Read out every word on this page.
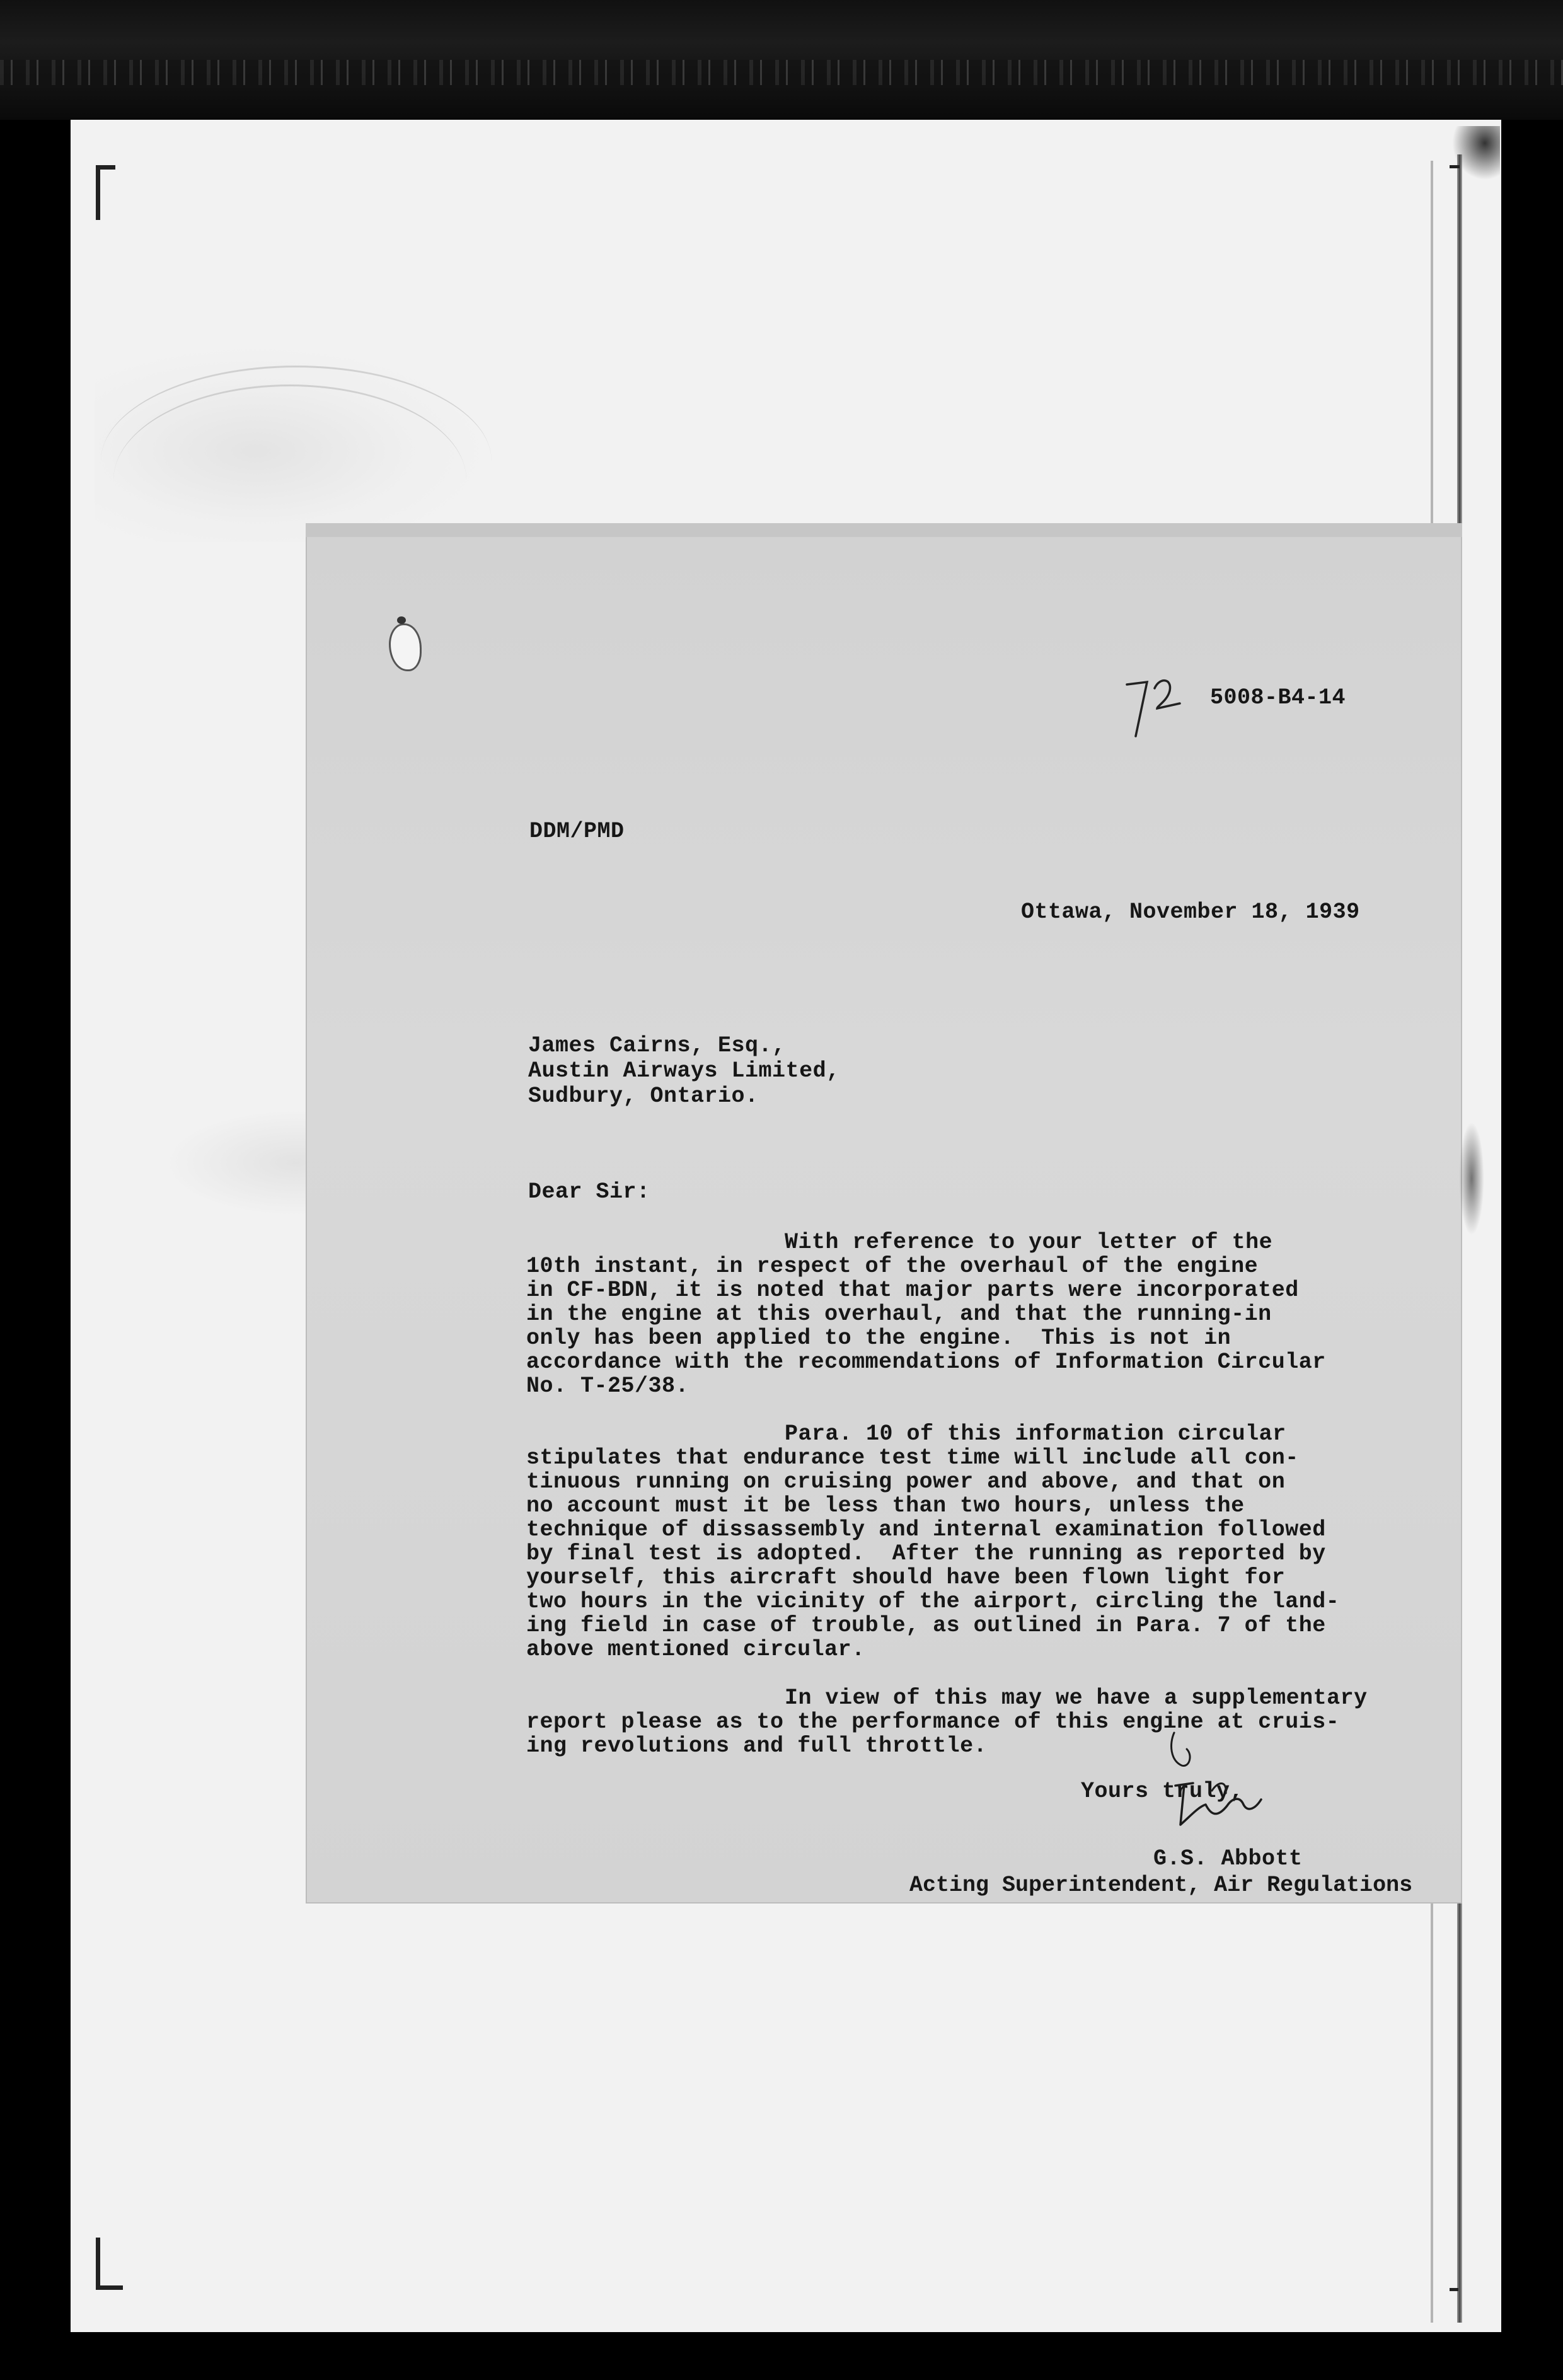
5008-B4-14
DDM/PMD
Ottawa, November 18, 1939
James Cairns, Esq.,
Austin Airways Limited,
Sudbury, Ontario.
Dear Sir:
With reference to your letter of the
10th instant, in respect of the overhaul of the engine
in CF-BDN, it is noted that major parts were incorporated
in the engine at this overhaul, and that the running-in
only has been applied to the engine.  This is not in
accordance with the recommendations of Information Circular
No. T-25/38.
Para. 10 of this information circular
stipulates that endurance test time will include all con-
tinuous running on cruising power and above, and that on
no account must it be less than two hours, unless the
technique of dissassembly and internal examination followed
by final test is adopted.  After the running as reported by
yourself, this aircraft should have been flown light for
two hours in the vicinity of the airport, circling the land-
ing field in case of trouble, as outlined in Para. 7 of the
above mentioned circular.
In view of this may we have a supplementary
report please as to the performance of this engine at cruis-
ing revolutions and full throttle.
Yours truly,
G.S. Abbott
Acting Superintendent, Air Regulations
